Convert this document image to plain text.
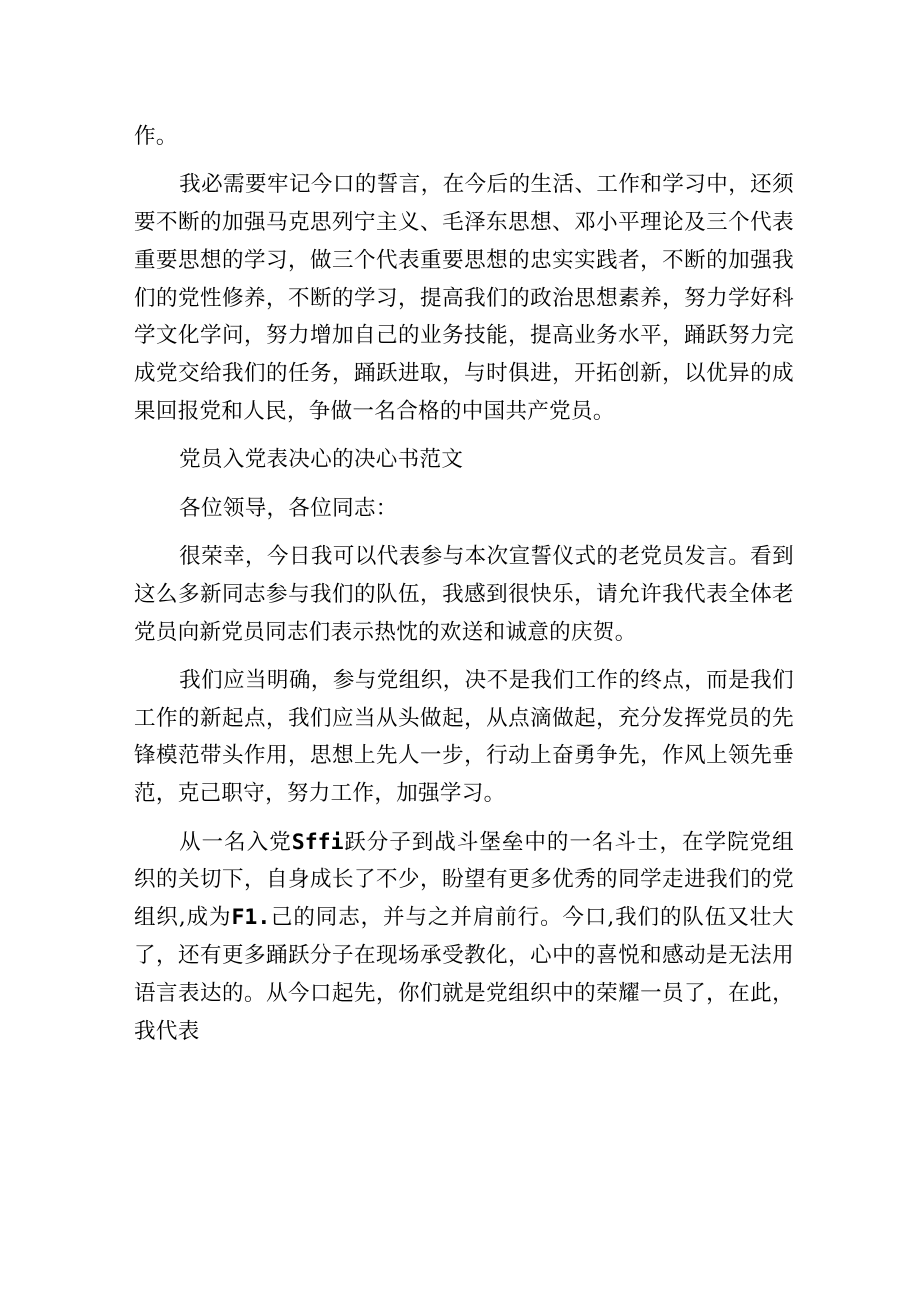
作。

我必需要牢记今口的誓言，在今后的生活、工作和学习中，还须要不断的加强马克思列宁主义、毛泽东思想、邓小平理论及三个代表重要思想的学习，做三个代表重要思想的忠实实践者，不断的加强我们的党性修养，不断的学习，提高我们的政治思想素养，努力学好科学文化学问，努力增加自己的业务技能，提高业务水平，踊跃努力完成党交给我们的任务，踊跃进取，与时俱进，开拓创新，以优异的成果回报党和人民，争做一名合格的中国共产党员。

党员入党表决心的决心书范文

各位领导，各位同志：

很荣幸，今日我可以代表参与本次宣誓仪式的老党员发言。看到这么多新同志参与我们的队伍，我感到很快乐，请允许我代表全体老党员向新党员同志们表示热忱的欢送和诚意的庆贺。

我们应当明确，参与党组织，决不是我们工作的终点，而是我们工作的新起点，我们应当从头做起，从点滴做起，充分发挥党员的先锋模范带头作用，思想上先人一步，行动上奋勇争先，作风上领先垂范，克己职守，努力工作，加强学习。

从一名入党Sffi跃分子到战斗堡垒中的一名斗士，在学院党组织的关切下，自身成长了不少，盼望有更多优秀的同学走进我们的党组织,成为F1.己的同志，并与之并肩前行。今口,我们的队伍又壮大了，还有更多踊跃分子在现场承受教化，心中的喜悦和感动是无法用语言表达的。从今口起先，你们就是党组织中的荣耀一员了，在此，我代表
